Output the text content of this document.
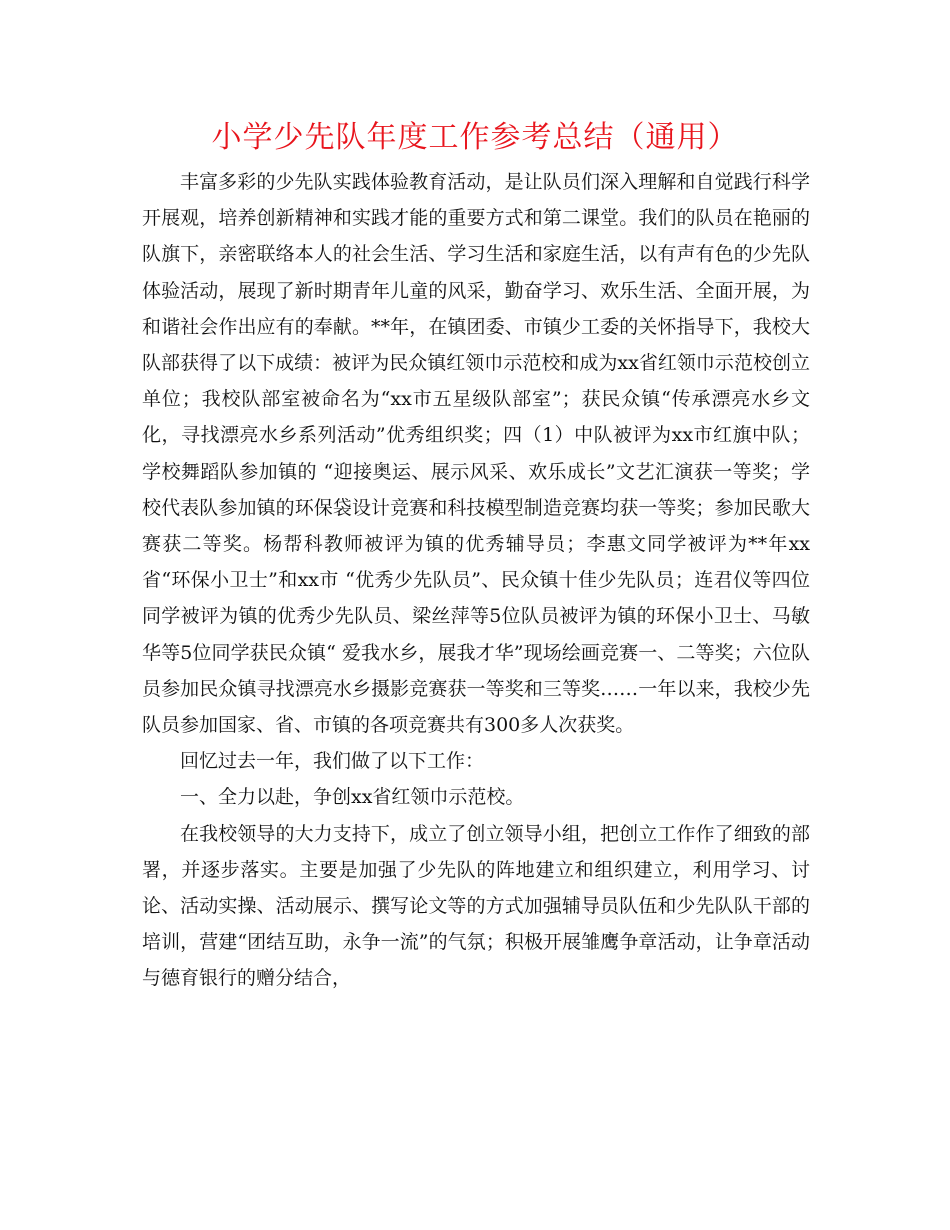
小学少先队年度工作参考总结（通用）

丰富多彩的少先队实践体验教育活动，是让队员们深入理解和自觉践行科学开展观，培养创新精神和实践才能的重要方式和第二课堂。我们的队员在艳丽的队旗下，亲密联络本人的社会生活、学习生活和家庭生活，以有声有色的少先队体验活动，展现了新时期青年儿童的风采，勤奋学习、欢乐生活、全面开展，为和谐社会作出应有的奉献。**年，在镇团委、市镇少工委的关怀指导下，我校大队部获得了以下成绩：被评为民众镇红领巾示范校和成为xx省红领巾示范校创立单位；我校队部室被命名为“xx市五星级队部室”；获民众镇“传承漂亮水乡文化，寻找漂亮水乡系列活动”优秀组织奖；四（1）中队被评为xx市红旗中队；学校舞蹈队参加镇的 “迎接奥运、展示风采、欢乐成长”文艺汇演获一等奖；学校代表队参加镇的环保袋设计竞赛和科技模型制造竞赛均获一等奖；参加民歌大赛获二等奖。杨帮科教师被评为镇的优秀辅导员；李惠文同学被评为**年xx省“环保小卫士”和xx市 “优秀少先队员”、民众镇十佳少先队员；连君仪等四位同学被评为镇的优秀少先队员、梁丝萍等5位队员被评为镇的环保小卫士、马敏华等5位同学获民众镇“ 爱我水乡，展我才华”现场绘画竞赛一、二等奖；六位队员参加民众镇寻找漂亮水乡摄影竞赛获一等奖和三等奖……一年以来，我校少先队员参加国家、省、市镇的各项竞赛共有300多人次获奖。

回忆过去一年，我们做了以下工作：

一、全力以赴，争创xx省红领巾示范校。

在我校领导的大力支持下，成立了创立领导小组，把创立工作作了细致的部署，并逐步落实。主要是加强了少先队的阵地建立和组织建立，利用学习、讨论、活动实操、活动展示、撰写论文等的方式加强辅导员队伍和少先队队干部的培训，营建“团结互助，永争一流”的气氛；积极开展雏鹰争章活动，让争章活动与德育银行的赠分结合，
